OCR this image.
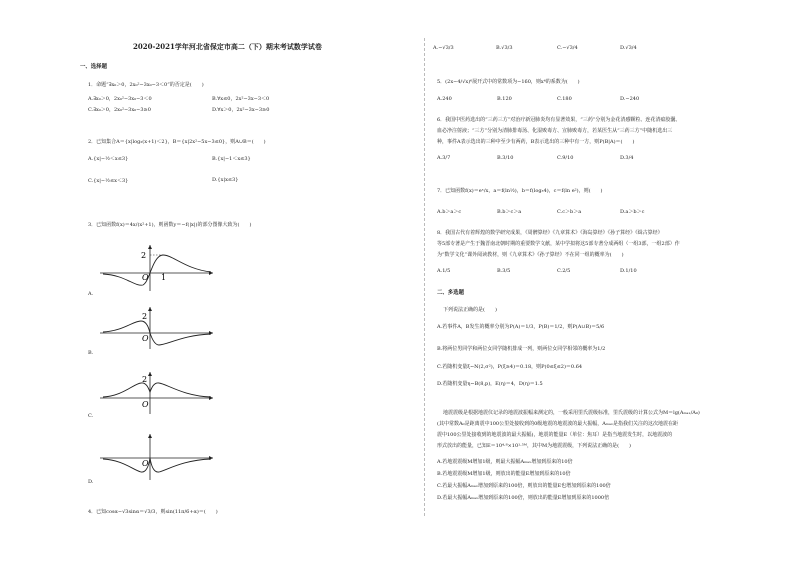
2020-2021学年河北省保定市高二（下）期末考试数学试卷
一、选择题
1．命题“∃x₀＞0，2x₀²−3x₀−3＜0”的否定是(　　)
A.∃x₀＞0，2x₀²−3x₀−3＜0	B.∀x≤0，2x²−3x−3＜0
C.∃x₀＞0，2x₀²−3x₀−3≥0	D.∀x＞0，2x²−3x−3≥0
2．已知集合A＝{x|log₂(x+1)＜2}，B＝{x|2x²−5x−3≤0}，则A∪B＝(　　)
A.{x|−½＜x≤3}	B.{x|−1＜x≤3}
C.{x|−½≤x＜3}	D.{x|x≤3}
3．已知函数f(x)＝4x/(x²+1)，则函数y＝−f(|x|)的部分图像大致为(　　)
2
1
O
A.
2
O
B.
2
O
C.
O
D.
4．已知cosα−√3sinα＝√3/3，则sin(11π/6+α)＝(　　)
A.−√3/3	B.√3/3	C.−√3/4	D.√3/4
5．(2x−4/√x)⁶展开式中的常数项为−160，则x⁴的系数为(　　)
A.240	B.120	C.180	D.−240
6．我国中医药选出的“三药三方”对治疗新冠肺炎均有显著效果，“三药”分别为金花清感颗粒、连花清瘟胶囊、
血必净注射液；“三方”分别为清肺排毒汤、化湿败毒方、宣肺败毒方，若某医生从“三药三方”中随机选出三
种，事件A表示选出的三种中至少有两药，B表示选出的三种中有一方，则P(B|A)＝(　　)
A.3/7	B.3/10	C.9/10	D.3/4
7．已知函数f(x)＝eˣ/x，a＝f(ln½)，b＝f(log₃4)，c＝f(ln e²)，则(　　)
A.b＞a＞c	B.b＞c＞a	C.c＞b＞a	D.a＞b＞c
8．我国古代有着辉煌的数学研究成果，《周髀算经》《九章算术》《海岛算经》《孙子算经》《缉古算经》
等5部专著是产生于魏晋南北朝时期的重要数学文献，某中学拟将这5部专著分成两组（一组3部，一组2部）作
为“数学文化”课外阅读教材，则《九章算术》《孙子算经》不在同一组的概率为(　　)
A.1/5	B.3/5	C.2/5	D.1/10
二、多选题
下列说法正确的是(　　)
A.若事件A，B发生的概率分别为P(A)＝1/3，P(B)＝1/2，则P(A∪B)＝5/6
B.将两位男同学和两位女同学随机排成一列，则两位女同学相邻的概率为1/2
C.若随机变量ξ∼N(2,σ²)，P(ξ≥4)＝0.18，则P(0≤ξ≤2)＝0.64
D.若随机变量η∼B(8,p)，E(η)＝4，D(η)＝1.5
地震震级是根据地震仪记录的地震波振幅来测定的，一般采用里氏震级标准，里氏震级的计算公式为M＝lg(Aₘₐₓ/A₀)
(其中常数A₀是距离震中100公里处接收到的0级地震的地震波的最大振幅，Aₘₐₓ是指我们关注的这次地震在距
震中100公里处接收到的地震波的最大振幅)，地震的能量E（单位：焦耳）是指当地震发生时，以地震波的
形式放出的能量，已知E＝10⁴·⁸×10¹·⁵ᴹ，其中M为地震震级，下列说法正确的是(　　)
A.若地震震级M增加1级，则最大振幅Aₘₐₓ增加到原来的10倍
B.若地震震级M增加1级，则放出的能量E增加到原来的10倍
C.若最大振幅Aₘₐₓ增加到原来的100倍，则放出的能量E也增加到原来的100倍
D.若最大振幅Aₘₐₓ增加到原来的100倍，则放出的能量E增加到原来的1000倍
